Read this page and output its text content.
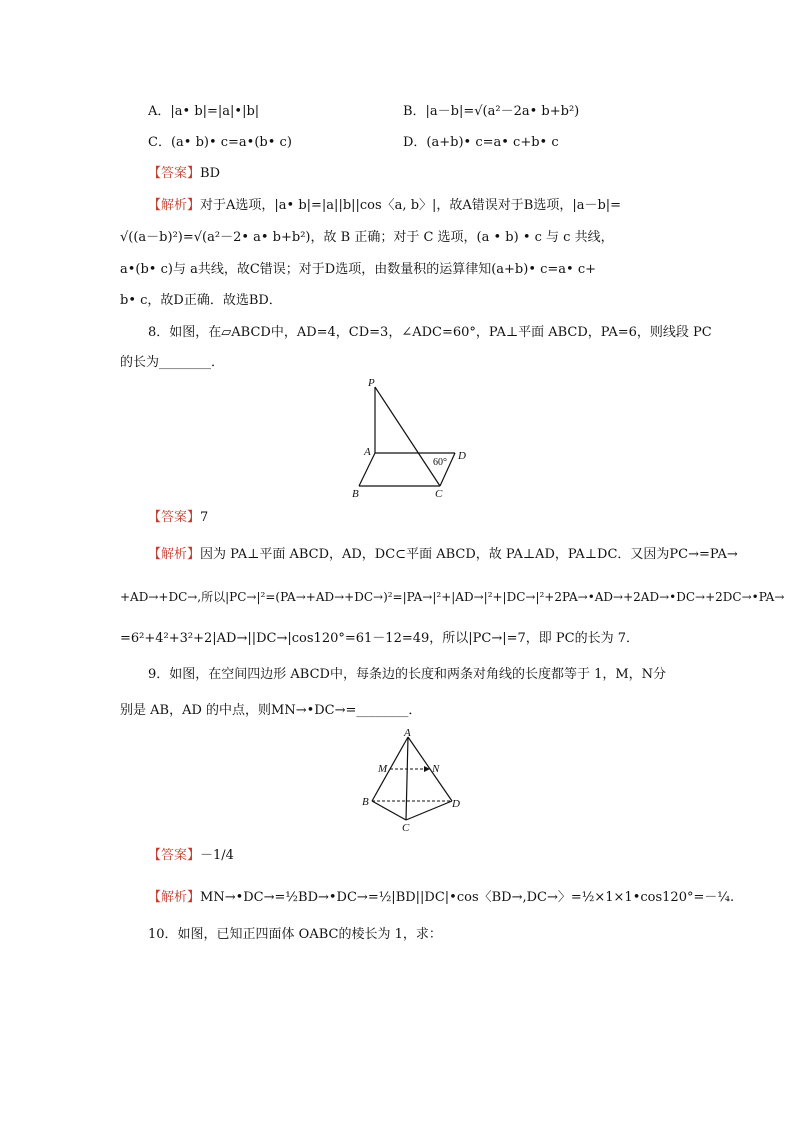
A．|a• b|=|a|•|b|	B．|a－b|=√(a²－2a• b+b²)
C．(a• b)• c=a•(b• c)	D．(a+b)• c=a• c+b• c
【答案】BD
【解析】对于A选项，|a• b|=|a||b||cos〈a, b〉|，故A错误对于B选项，|a－b|=
√((a－b)²)=√(a²－2• a• b+b²)，故 B 正确；对于 C 选项，(a • b) • c 与 c 共线，
a•(b• c)与 a共线，故C错误；对于D选项，由数量积的运算律知(a+b)• c=a• c+
b• c，故D正确．故选BD．
8．如图，在▱ABCD中，AD=4，CD=3，∠ADC=60°，PA⊥平面 ABCD，PA=6，则线段 PC
的长为________．
P
A
B	C
D
60°
【答案】7
【解析】因为 PA⊥平面 ABCD，AD，DC⊂平面 ABCD，故 PA⊥AD，PA⊥DC．又因为PC→=PA→
+AD→+DC→,所以|PC→|²=(PA→+AD→+DC→)²=|PA→|²+|AD→|²+|DC→|²+2PA→•AD→+2AD→•DC→+2DC→•PA→
=6²+4²+3²+2|AD→||DC→|cos120°=61－12=49，所以|PC→|=7，即 PC的长为 7．
9．如图，在空间四边形 ABCD中，每条边的长度和两条对角线的长度都等于 1，M，N分
别是 AB，AD 的中点，则MN→•DC→=________．
A
B
C
D
M	N
【答案】－1/4
【解析】MN→•DC→=½BD→•DC→=½|BD||DC|•cos〈BD→,DC→〉=½×1×1•cos120°=－¼.
10．如图，已知正四面体 OABC的棱长为 1，求：
